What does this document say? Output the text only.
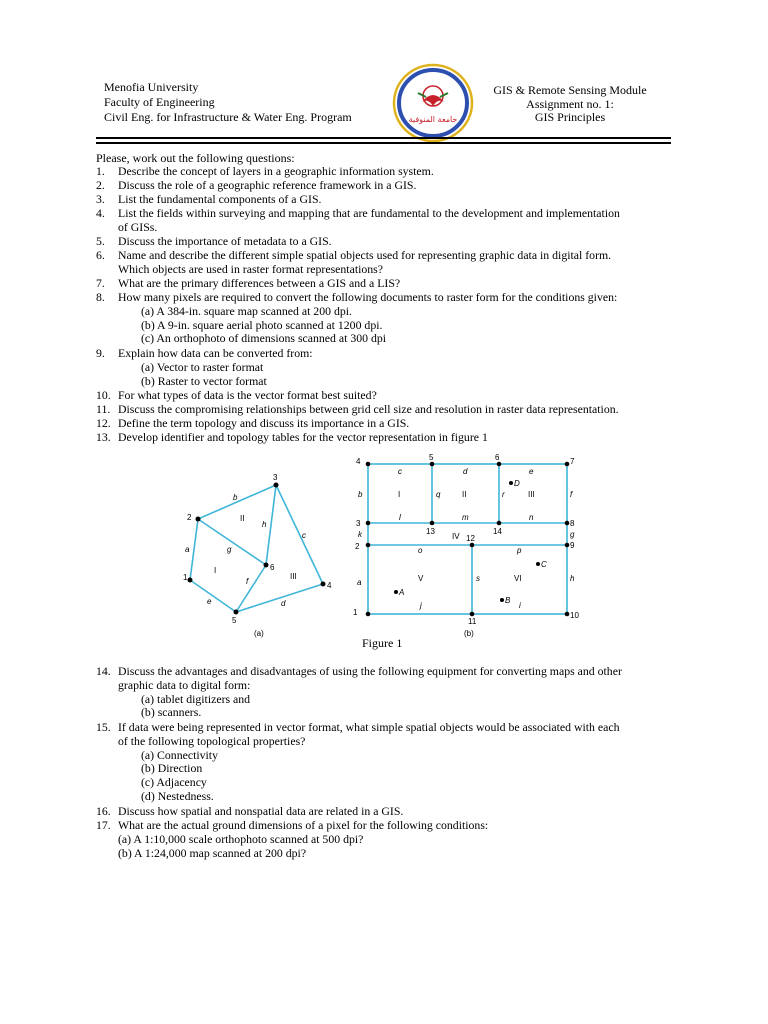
Menofia University
Faculty of Engineering
Civil Eng. for Infrastructure & Water Eng. Program	جامعة المنوفية
GIS & Remote Sensing Module
Assignment no. 1:
GIS Principles
Please, work out the following questions:
1. Describe the concept of layers in a geographic information system.
2. Discuss the role of a geographic reference framework in a GIS.
3. List the fundamental components of a GIS.
4. List the fields within surveying and mapping that are fundamental to the development and implementation
of GISs.
5. Discuss the importance of metadata to a GIS.
6. Name and describe the different simple spatial objects used for representing graphic data in digital form.
Which objects are used in raster format representations?
7. What are the primary differences between a GIS and a LIS?
8. How many pixels are required to convert the following documents to raster form for the conditions given:
(a) A 384-in. square map scanned at 200 dpi.
(b) A 9-in. square aerial photo scanned at 1200 dpi.
(c) An orthophoto of dimensions scanned at 300 dpi
9. Explain how data can be converted from:
(a) Vector to raster format
(b) Raster to vector format
10. For what types of data is the vector format best suited?
11. Discuss the compromising relationships between grid cell size and resolution in raster data representation.
12. Define the term topology and discuss its importance in a GIS.
13. Develop identifier and topology tables for the vector representation in figure 1
1
2
3
4
5
6
a
b
c
d
e
f
g
h
I
II
III
(a)
1
2
3
4	5	6	7
8
9
10
11
12
13	14
a
c	d	e
b	q	r	f
l	m	n
k	g
o	p
s	h
j	i
I	II	III
IV
V	VI
D
C
A
B
(b)
Figure 1
14. Discuss the advantages and disadvantages of using the following equipment for converting maps and other
graphic data to digital form:
(a) tablet digitizers and
(b) scanners.
15. If data were being represented in vector format, what simple spatial objects would be associated with each
of the following topological properties?
(a) Connectivity
(b) Direction
(c) Adjacency
(d) Nestedness.
16. Discuss how spatial and nonspatial data are related in a GIS.
17. What are the actual ground dimensions of a pixel for the following conditions:
(a) A 1:10,000 scale orthophoto scanned at 500 dpi?
(b) A 1:24,000 map scanned at 200 dpi?
